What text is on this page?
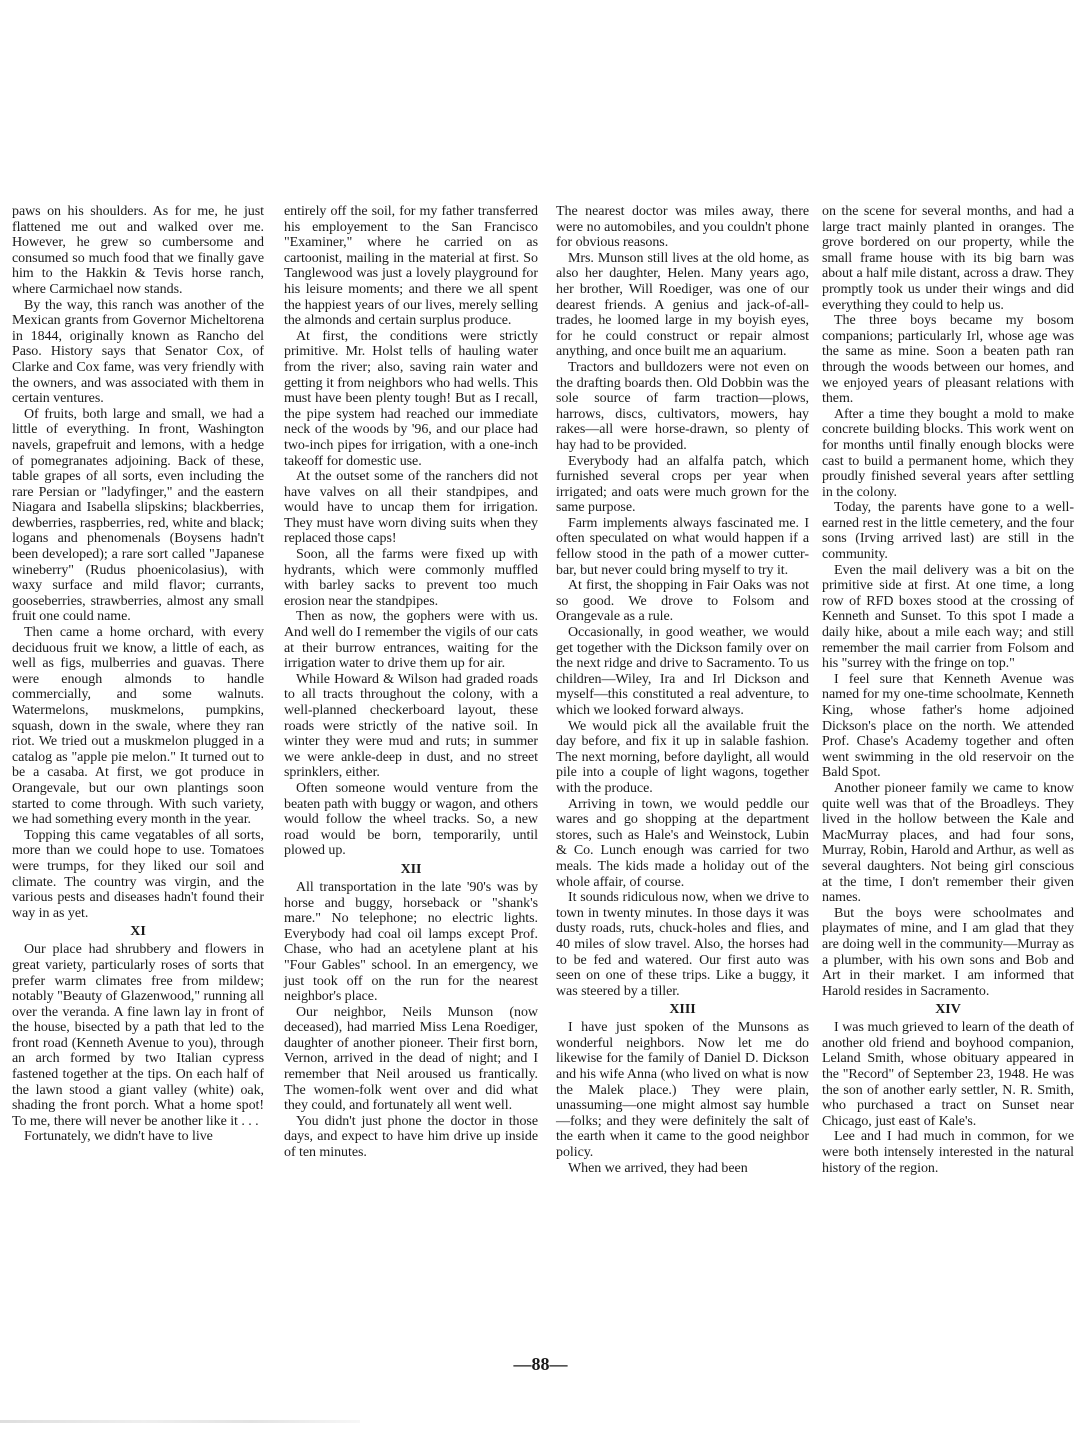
paws on his shoulders. As for me, he just flattened me out and walked over me. However, he grew so cumbersome and consumed so much food that we finally gave him to the Hakkin & Tevis horse ranch, where Carmichael now stands.

By the way, this ranch was another of the Mexican grants from Governor Micheltorena in 1844, originally known as Rancho del Paso. History says that Senator Cox, of Clarke and Cox fame, was very friendly with the owners, and was associated with them in certain ventures.

Of fruits, both large and small, we had a little of everything. In front, Washington navels, grapefruit and lemons, with a hedge of pomegranates adjoining. Back of these, table grapes of all sorts, even including the rare Persian or "ladyfinger," and the eastern Niagara and Isabella slipskins; blackberries, dewberries, raspberries, red, white and black; logans and phenomenals (Boysens hadn't been developed); a rare sort called "Japanese wineberry" (Rudus phoenicolasius), with waxy surface and mild flavor; currants, gooseberries, strawberries, almost any small fruit one could name.

Then came a home orchard, with every deciduous fruit we know, a little of each, as well as figs, mulberries and guavas. There were enough almonds to handle commercially, and some walnuts. Watermelons, muskmelons, pumpkins, squash, down in the swale, where they ran riot. We tried out a muskmelon plugged in a catalog as "apple pie melon." It turned out to be a casaba. At first, we got produce in Orangevale, but our own plantings soon started to come through. With such variety, we had something every month in the year.

Topping this came vegatables of all sorts, more than we could hope to use. Tomatoes were trumps, for they liked our soil and climate. The country was virgin, and the various pests and diseases hadn't found their way in as yet.

XI

Our place had shrubbery and flowers in great variety, particularly roses of sorts that prefer warm climates free from mildew; notably "Beauty of Glazenwood," running all over the veranda. A fine lawn lay in front of the house, bisected by a path that led to the front road (Kenneth Avenue to you), through an arch formed by two Italian cypress fastened together at the tips. On each half of the lawn stood a giant valley (white) oak, shading the front porch. What a home spot! To me, there will never be another like it . . .

Fortunately, we didn't have to live

entirely off the soil, for my father transferred his employement to the San Francisco "Examiner," where he carried on as cartoonist, mailing in the material at first. So Tanglewood was just a lovely playground for his leisure moments; and there we all spent the happiest years of our lives, merely selling the almonds and certain surplus produce.

At first, the conditions were strictly primitive. Mr. Holst tells of hauling water from the river; also, saving rain water and getting it from neighbors who had wells. This must have been plenty tough! But as I recall, the pipe system had reached our immediate neck of the woods by '96, and our place had two-inch pipes for irrigation, with a one-inch takeoff for domestic use.

At the outset some of the ranchers did not have valves on all their standpipes, and would have to uncap them for irrigation. They must have worn diving suits when they replaced those caps!

Soon, all the farms were fixed up with hydrants, which were commonly muffled with barley sacks to prevent too much erosion near the standpipes.

Then as now, the gophers were with us. And well do I remember the vigils of our cats at their burrow entrances, waiting for the irrigation water to drive them up for air.

While Howard & Wilson had graded roads to all tracts throughout the colony, with a well-planned checkerboard layout, these roads were strictly of the native soil. In winter they were mud and ruts; in summer we were ankle-deep in dust, and no street sprinklers, either.

Often someone would venture from the beaten path with buggy or wagon, and others would follow the wheel tracks. So, a new road would be born, temporarily, until plowed up.

XII

All transportation in the late '90's was by horse and buggy, horseback or "shank's mare." No telephone; no electric lights. Everybody had coal oil lamps except Prof. Chase, who had an acetylene plant at his "Four Gables" school. In an emergency, we just took off on the run for the nearest neighbor's place.

Our neighbor, Neils Munson (now deceased), had married Miss Lena Roediger, daughter of another pioneer. Their first born, Vernon, arrived in the dead of night; and I remember that Neil aroused us frantically. The women-folk went over and did what they could, and fortunately all went well.

You didn't just phone the doctor in those days, and expect to have him drive up inside of ten minutes.

The nearest doctor was miles away, there were no automobiles, and you couldn't phone for obvious reasons.

Mrs. Munson still lives at the old home, as also her daughter, Helen. Many years ago, her brother, Will Roediger, was one of our dearest friends. A genius and jack-of-all-trades, he loomed large in my boyish eyes, for he could construct or repair almost anything, and once built me an aquarium.

Tractors and bulldozers were not even on the drafting boards then. Old Dobbin was the sole source of farm traction—plows, harrows, discs, cultivators, mowers, hay rakes—all were horse-drawn, so plenty of hay had to be provided.

Everybody had an alfalfa patch, which furnished several crops per year when irrigated; and oats were much grown for the same purpose.

Farm implements always fascinated me. I often speculated on what would happen if a fellow stood in the path of a mower cutter-bar, but never could bring myself to try it.

At first, the shopping in Fair Oaks was not so good. We drove to Folsom and Orangevale as a rule.

Occasionally, in good weather, we would get together with the Dickson family over on the next ridge and drive to Sacramento. To us children—Wiley, Ira and Irl Dickson and myself—this constituted a real adventure, to which we looked forward always.

We would pick all the available fruit the day before, and fix it up in salable fashion. The next morning, before daylight, all would pile into a couple of light wagons, together with the produce.

Arriving in town, we would peddle our wares and go shopping at the department stores, such as Hale's and Weinstock, Lubin & Co. Lunch enough was carried for two meals. The kids made a holiday out of the whole affair, of course.

It sounds ridiculous now, when we drive to town in twenty minutes. In those days it was dusty roads, ruts, chuck-holes and flies, and 40 miles of slow travel. Also, the horses had to be fed and watered. Our first auto was seen on one of these trips. Like a buggy, it was steered by a tiller.

XIII

I have just spoken of the Munsons as wonderful neighbors. Now let me do likewise for the family of Daniel D. Dickson and his wife Anna (who lived on what is now the Malek place.) They were plain, unassuming—one might almost say humble—folks; and they were definitely the salt of the earth when it came to the good neighbor policy.

When we arrived, they had been

on the scene for several months, and had a large tract mainly planted in oranges. The grove bordered on our property, while the small frame house with its big barn was about a half mile distant, across a draw. They promptly took us under their wings and did everything they could to help us.

The three boys became my bosom companions; particularly Irl, whose age was the same as mine. Soon a beaten path ran through the woods between our homes, and we enjoyed years of pleasant relations with them.

After a time they bought a mold to make concrete building blocks. This work went on for months until finally enough blocks were cast to build a permanent home, which they proudly finished several years after settling in the colony.

Today, the parents have gone to a well-earned rest in the little cemetery, and the four sons (Irving arrived last) are still in the community.

Even the mail delivery was a bit on the primitive side at first. At one time, a long row of RFD boxes stood at the crossing of Kenneth and Sunset. To this spot I made a daily hike, about a mile each way; and still remember the mail carrier from Folsom and his "surrey with the fringe on top."

I feel sure that Kenneth Avenue was named for my one-time schoolmate, Kenneth King, whose father's home adjoined Dickson's place on the north. We attended Prof. Chase's Academy together and often went swimming in the old reservoir on the Bald Spot.

Another pioneer family we came to know quite well was that of the Broadleys. They lived in the hollow between the Kale and MacMurray places, and had four sons, Murray, Robin, Harold and Arthur, as well as several daughters. Not being girl conscious at the time, I don't remember their given names.

But the boys were schoolmates and playmates of mine, and I am glad that they are doing well in the community—Murray as a plumber, with his own sons and Bob and Art in their market. I am informed that Harold resides in Sacramento.

XIV

I was much grieved to learn of the death of another old friend and boyhood companion, Leland Smith, whose obituary appeared in the "Record" of September 23, 1948. He was the son of another early settler, N. R. Smith, who purchased a tract on Sunset near Chicago, just east of Kale's.

Lee and I had much in common, for we were both intensely interested in the natural history of the region.

—88—
